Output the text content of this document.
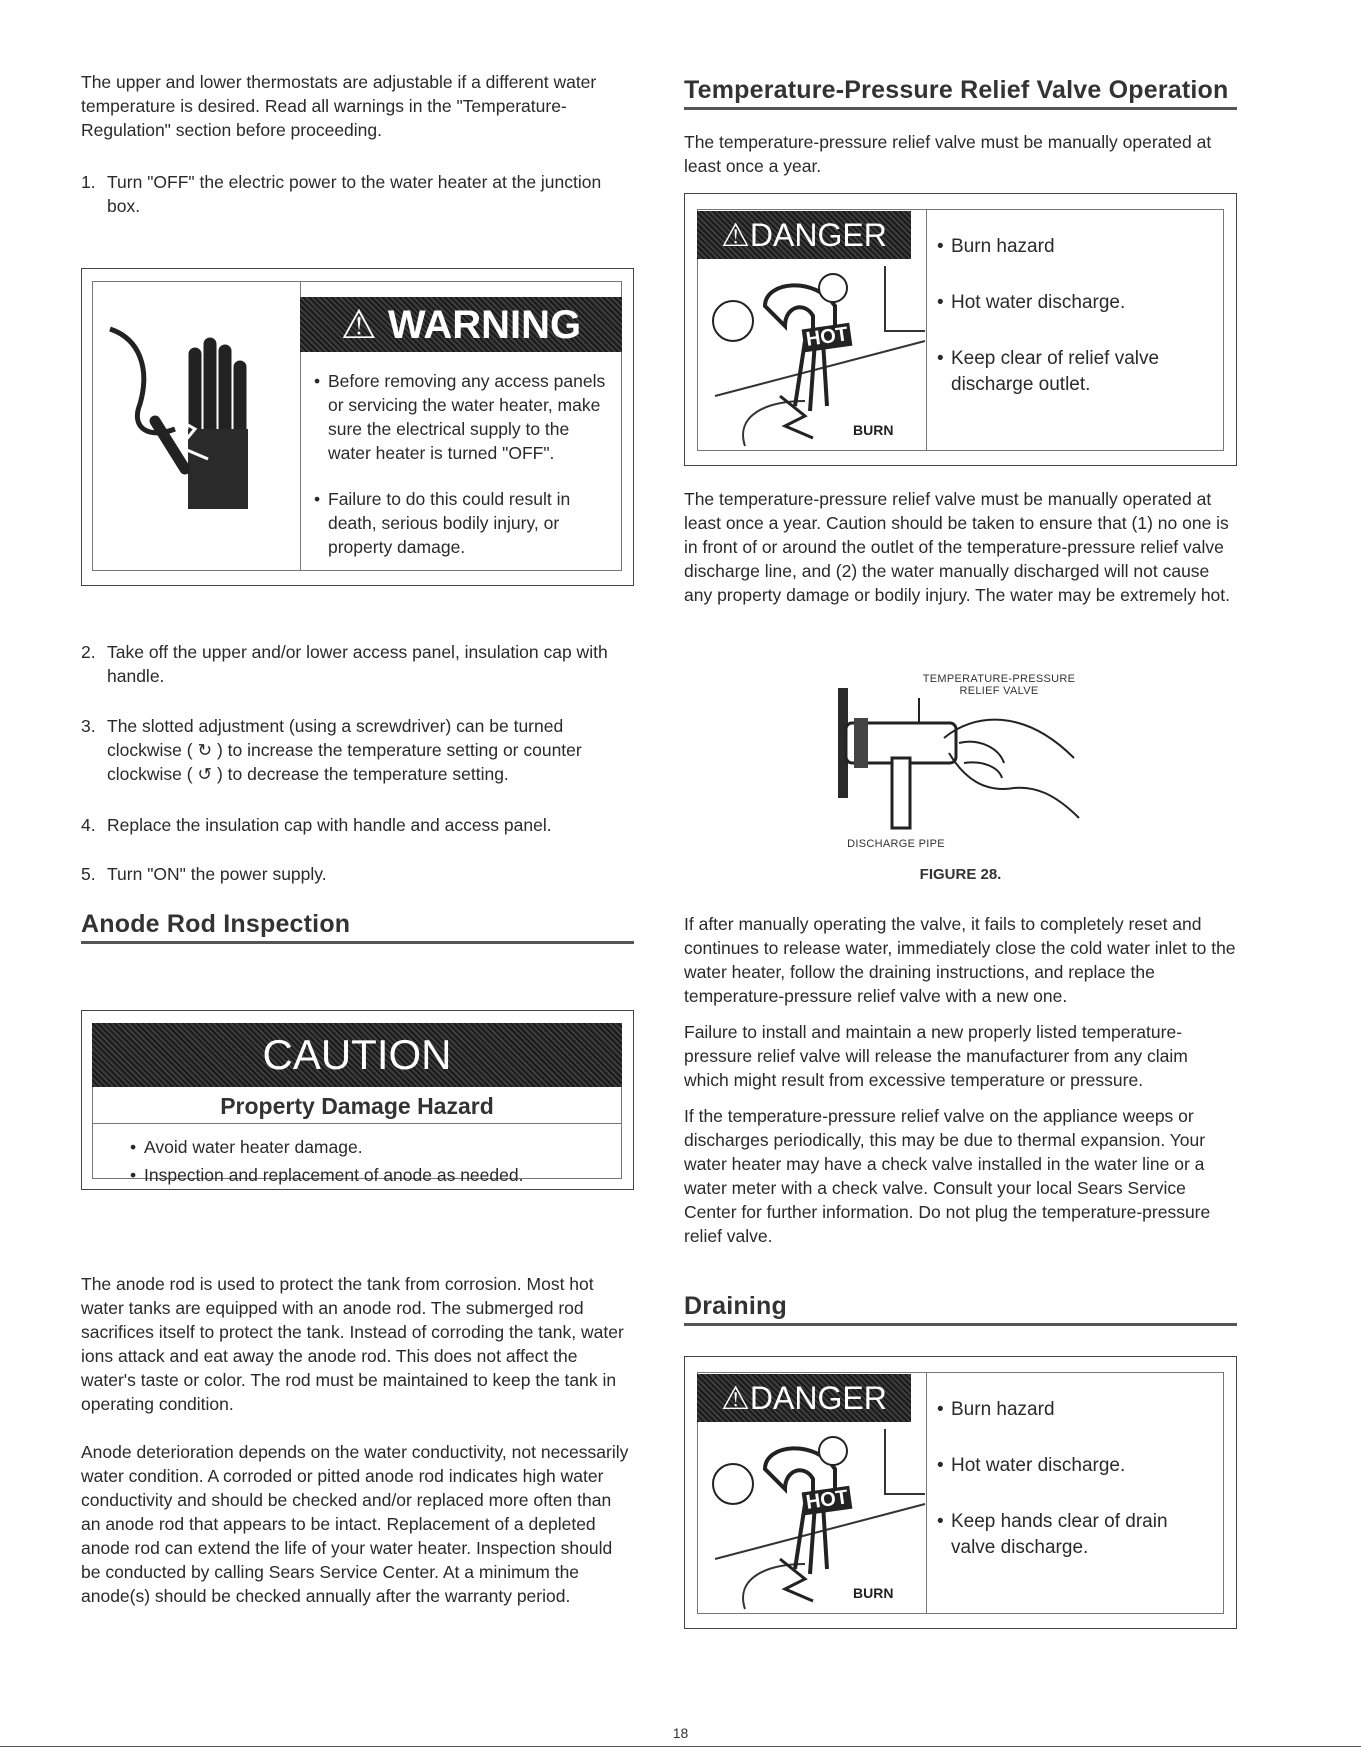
The upper and lower thermostats are adjustable if a different water temperature is desired. Read all warnings in the "Temperature-Regulation" section before proceeding.

1. Turn "OFF" the electric power to the water heater at the junction box.
⚠ WARNING
• Before removing any access panels or servicing the water heater, make sure the electrical supply to the water heater is turned "OFF".
• Failure to do this could result in death, serious bodily injury, or property damage.
2. Take off the upper and/or lower access panel, insulation cap with handle.
3. The slotted adjustment (using a screwdriver) can be turned clockwise ( ↻ ) to increase the temperature setting or counter clockwise ( ↺ ) to decrease the temperature setting.
4. Replace the insulation cap with handle and access panel.
5. Turn "ON" the power supply.
Anode Rod Inspection
CAUTION
Property Damage Hazard
• Avoid water heater damage.
• Inspection and replacement of anode as needed.

The anode rod is used to protect the tank from corrosion. Most hot water tanks are equipped with an anode rod. The submerged rod sacrifices itself to protect the tank. Instead of corroding the tank, water ions attack and eat away the anode rod. This does not affect the water's taste or color. The rod must be maintained to keep the tank in operating condition.

Anode deterioration depends on the water conductivity, not necessarily water condition. A corroded or pitted anode rod indicates high water conductivity and should be checked and/or replaced more often than an anode rod that appears to be intact. Replacement of a depleted anode rod can extend the life of your water heater. Inspection should be conducted by calling Sears Service Center. At a minimum the anode(s) should be checked annually after the warranty period.

Temperature-Pressure Relief Valve Operation

The temperature-pressure relief valve must be manually operated at least once a year.

⚠DANGER
HOT
BURN
• Burn hazard
• Hot water discharge.
• Keep clear of relief valve discharge outlet.

The temperature-pressure relief valve must be manually operated at least once a year. Caution should be taken to ensure that (1) no one is in front of or around the outlet of the temperature-pressure relief valve discharge line, and (2) the water manually discharged will not cause any property damage or bodily injury. The water may be extremely hot.

TEMPERATURE-PRESSURE
RELIEF VALVE
DISCHARGE PIPE
FIGURE 28.

If after manually operating the valve, it fails to completely reset and continues to release water, immediately close the cold water inlet to the water heater, follow the draining instructions, and replace the temperature-pressure relief valve with a new one.

Failure to install and maintain a new properly listed temperature-pressure relief valve will release the manufacturer from any claim which might result from excessive temperature or pressure.

If the temperature-pressure relief valve on the appliance weeps or discharges periodically, this may be due to thermal expansion. Your water heater may have a check valve installed in the water line or a water meter with a check valve. Consult your local Sears Service Center for further information. Do not plug the temperature-pressure relief valve.

Draining
⚠DANGER
HOT
BURN
• Burn hazard
• Hot water discharge.
• Keep hands clear of drain valve discharge.
18
